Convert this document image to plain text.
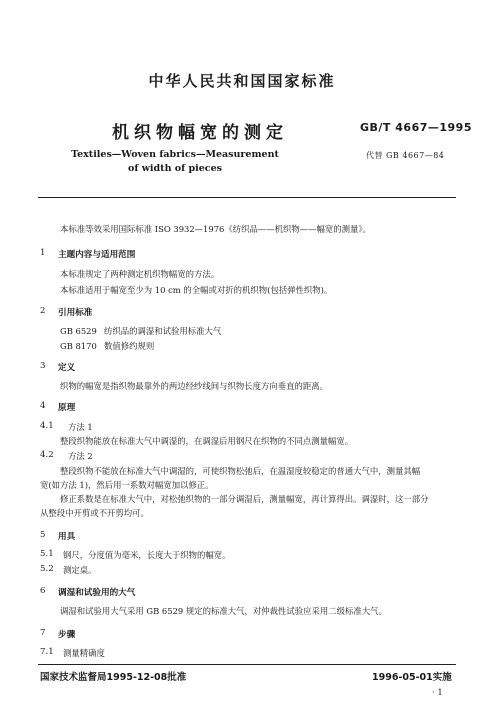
中华人民共和国国家标准
机织物幅宽的测定	GB/T 4667—1995
Textiles—Woven fabrics—Measurement
of width of pieces
代替 GB 4667—84
本标准等效采用国际标准 ISO 3932—1976《纺织品——机织物——幅宽的测量》。
1 主题内容与适用范围
本标准规定了两种测定机织物幅宽的方法。
本标准适用于幅宽至少为 10 cm 的全幅或对折的机织物(包括弹性织物)。
2 引用标准
GB 6529 纺织品的调湿和试验用标准大气
GB 8170 数值修约规则
3 定义
织物的幅宽是指织物最靠外的两边经纱线间与织物长度方向垂直的距离。
4 原理
4.1 方法 1
整段织物能放在标准大气中调湿的，在调湿后用钢尺在织物的不同点测量幅宽。
4.2 方法 2
整段织物不能放在标准大气中调湿的，可使织物松弛后，在温湿度较稳定的普通大气中，测量其幅
宽(如方法 1)，然后用一系数对幅宽加以修正。
修正系数是在标准大气中，对松弛织物的一部分调湿后，测量幅宽，再计算得出。调湿时，这一部分
从整段中开剪或不开剪均可。
5 用具
5.1 钢尺，分度值为毫米，长度大于织物的幅宽。
5.2 测定桌。
6 调湿和试验用的大气
调湿和试验用大气采用 GB 6529 规定的标准大气，对仲裁性试验应采用二级标准大气。
7 步骤
7.1 测量精确度
国家技术监督局1995-12-08批准	1996-05-01实施
· 1
